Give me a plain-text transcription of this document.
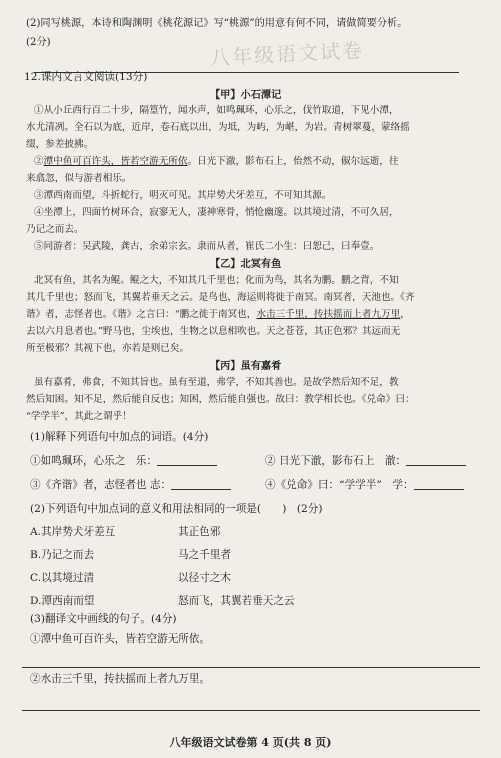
八年级语文试卷
(2)同写桃源，本诗和陶渊明《桃花源记》写“桃源”的用意有何不同，请做简要分析。
(2分)
12.课内文言文阅读(13分)
【甲】小石潭记
①从小丘西行百二十步，隔篁竹，闻水声，如鸣珮环，心乐之，伐竹取道，下见小潭，
水尤清冽。全石以为底，近岸，卷石底以出，为坻，为屿，为嵁，为岩。青树翠蔓，蒙络摇
缀，参差披拂。
②潭中鱼可百许头，皆若空游无所依。日光下澈，影布石上，佁然不动，俶尔远逝，往
来翕忽，似与游者相乐。
③潭西南而望，斗折蛇行，明灭可见。其岸势犬牙差互，不可知其源。
④坐潭上，四面竹树环合，寂寥无人，凄神寒骨，悄怆幽邃。以其境过清，不可久居，
乃记之而去。
⑤同游者：吴武陵，龚古，余弟宗玄。隶而从者，崔氏二小生：曰恕己，曰奉壹。
【乙】北冥有鱼
北冥有鱼，其名为鲲。鲲之大，不知其几千里也；化而为鸟，其名为鹏。鹏之背，不知
其几千里也；怒而飞，其翼若垂天之云。是鸟也，海运则将徙于南冥。南冥者，天池也。《齐
谐》者，志怪者也。《谐》之言曰：“鹏之徙于南冥也，水击三千里，抟扶摇而上者九万里，
去以六月息者也。”野马也，尘埃也，生物之以息相吹也。天之苍苍，其正色邪？其远而无
所至极邪？其视下也，亦若是则已矣。
【丙】虽有嘉肴
虽有嘉肴，弗食，不知其旨也。虽有至道，弗学，不知其善也。是故学然后知不足，教
然后知困。知不足，然后能自反也；知困，然后能自强也。故曰：教学相长也。《兑命》曰：
“学学半”，其此之谓乎！
(1)解释下列语句中加点的词语。(4分)
①如鸣珮环，心乐之　乐：	② 日光下澈，影布石上　澈：
③《齐谐》者，志怪者也 志：	④《兑命》曰：“学学半”　学：
(2)下列语句中加点词的意义和用法相同的一项是(　　)　(2分)
A.其岸势犬牙差互	其正色邪
B.乃记之而去	马之千里者
C.以其境过清	以径寸之木
D.潭西南而望	怒而飞，其翼若垂天之云
(3)翻译文中画线的句子。(4分)
①潭中鱼可百许头，皆若空游无所依。
②水击三千里，抟扶摇而上者九万里。
八年级语文试卷第 4 页(共 8 页)
